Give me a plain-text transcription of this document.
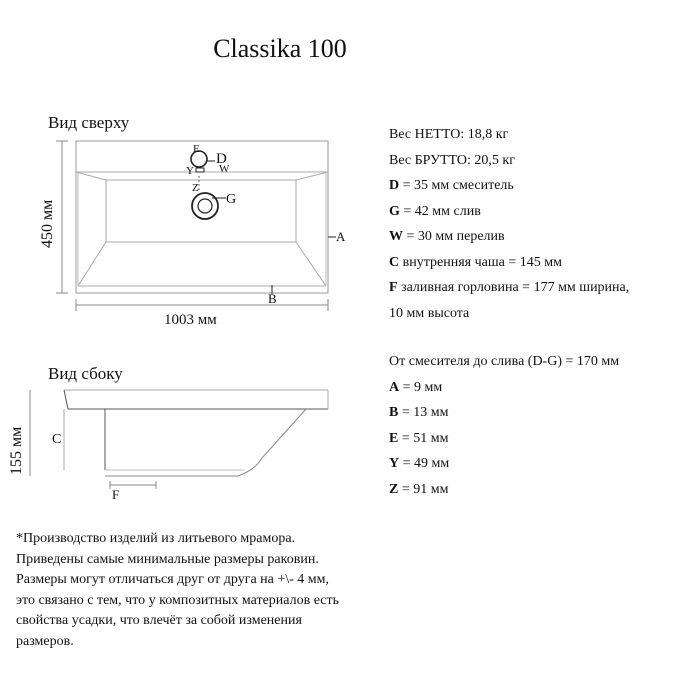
Classika 100
Вид сверху
Вид сбоку
E
D
W
Y
Z
G
A
B
450 мм
1003 мм
C
F
155 мм
Вес НЕТТО: 18,8 кг
Вес БРУТТО: 20,5 кг
D = 35 мм смеситель
G = 42 мм слив
W = 30 мм перелив
C внутренняя чаша = 145 мм
F заливная горловина = 177 мм ширина,
10 мм высота
От смесителя до слива (D-G) = 170 мм
A = 9 мм
B = 13 мм
E = 51 мм
Y = 49 мм
Z = 91 мм
*Производство изделий из литьевого мрамора.
Приведены самые минимальные размеры раковин.
Размеры могут отличаться друг от друга на +\- 4 мм,
это связано с тем, что у композитных материалов есть
свойства усадки, что влечёт за собой изменения
размеров.
